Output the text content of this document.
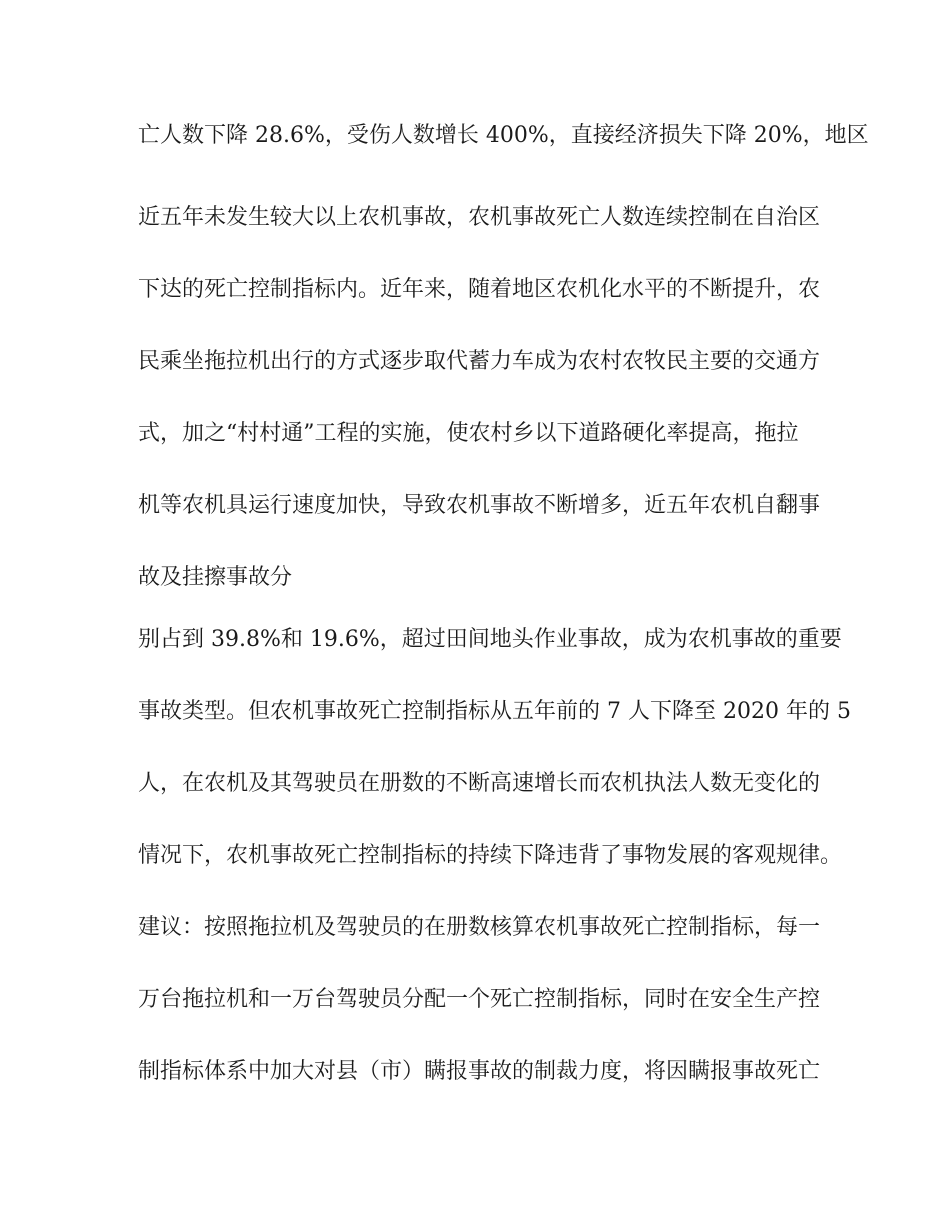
亡人数下降 28.6%，受伤人数增长 400%，直接经济损失下降 20%，地区
近五年未发生较大以上农机事故，农机事故死亡人数连续控制在自治区
下达的死亡控制指标内。近年来，随着地区农机化水平的不断提升，农
民乘坐拖拉机出行的方式逐步取代蓄力车成为农村农牧民主要的交通方
式，加之“村村通”工程的实施，使农村乡以下道路硬化率提高，拖拉
机等农机具运行速度加快，导致农机事故不断增多，近五年农机自翻事
故及挂擦事故分
别占到 39.8%和 19.6%，超过田间地头作业事故，成为农机事故的重要
事故类型。但农机事故死亡控制指标从五年前的 7 人下降至 2020 年的 5
人，在农机及其驾驶员在册数的不断高速增长而农机执法人数无变化的
情况下，农机事故死亡控制指标的持续下降违背了事物发展的客观规律。
建议：按照拖拉机及驾驶员的在册数核算农机事故死亡控制指标，每一
万台拖拉机和一万台驾驶员分配一个死亡控制指标，同时在安全生产控
制指标体系中加大对县（市）瞒报事故的制裁力度，将因瞒报事故死亡
